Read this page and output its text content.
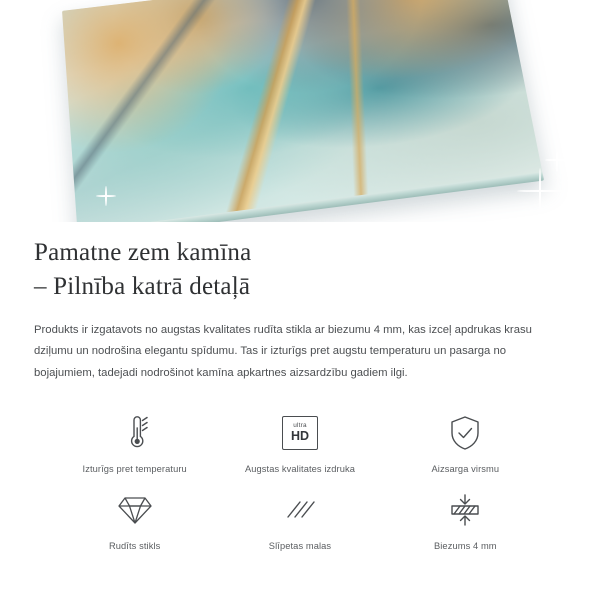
Pamatne zem kamīna
– Pilnība katrā detaļā

Produkts ir izgatavots no augstas kvalitates rudīta stikla ar biezumu 4 mm, kas izceļ apdrukas krasu dziļumu un nodrošina elegantu spīdumu. Tas ir izturīgs pret augstu temperaturu un pasarga no bojajumiem, tadejadi nodrošinot kamīna apkartnes aizsardzību gadiem ilgi.

Izturīgs pret temperaturu
ultra
HD
Augstas kvalitates izdruka	Aizsarga virsmu
Rudīts stikls	Slīpetas malas	Biezums 4 mm
